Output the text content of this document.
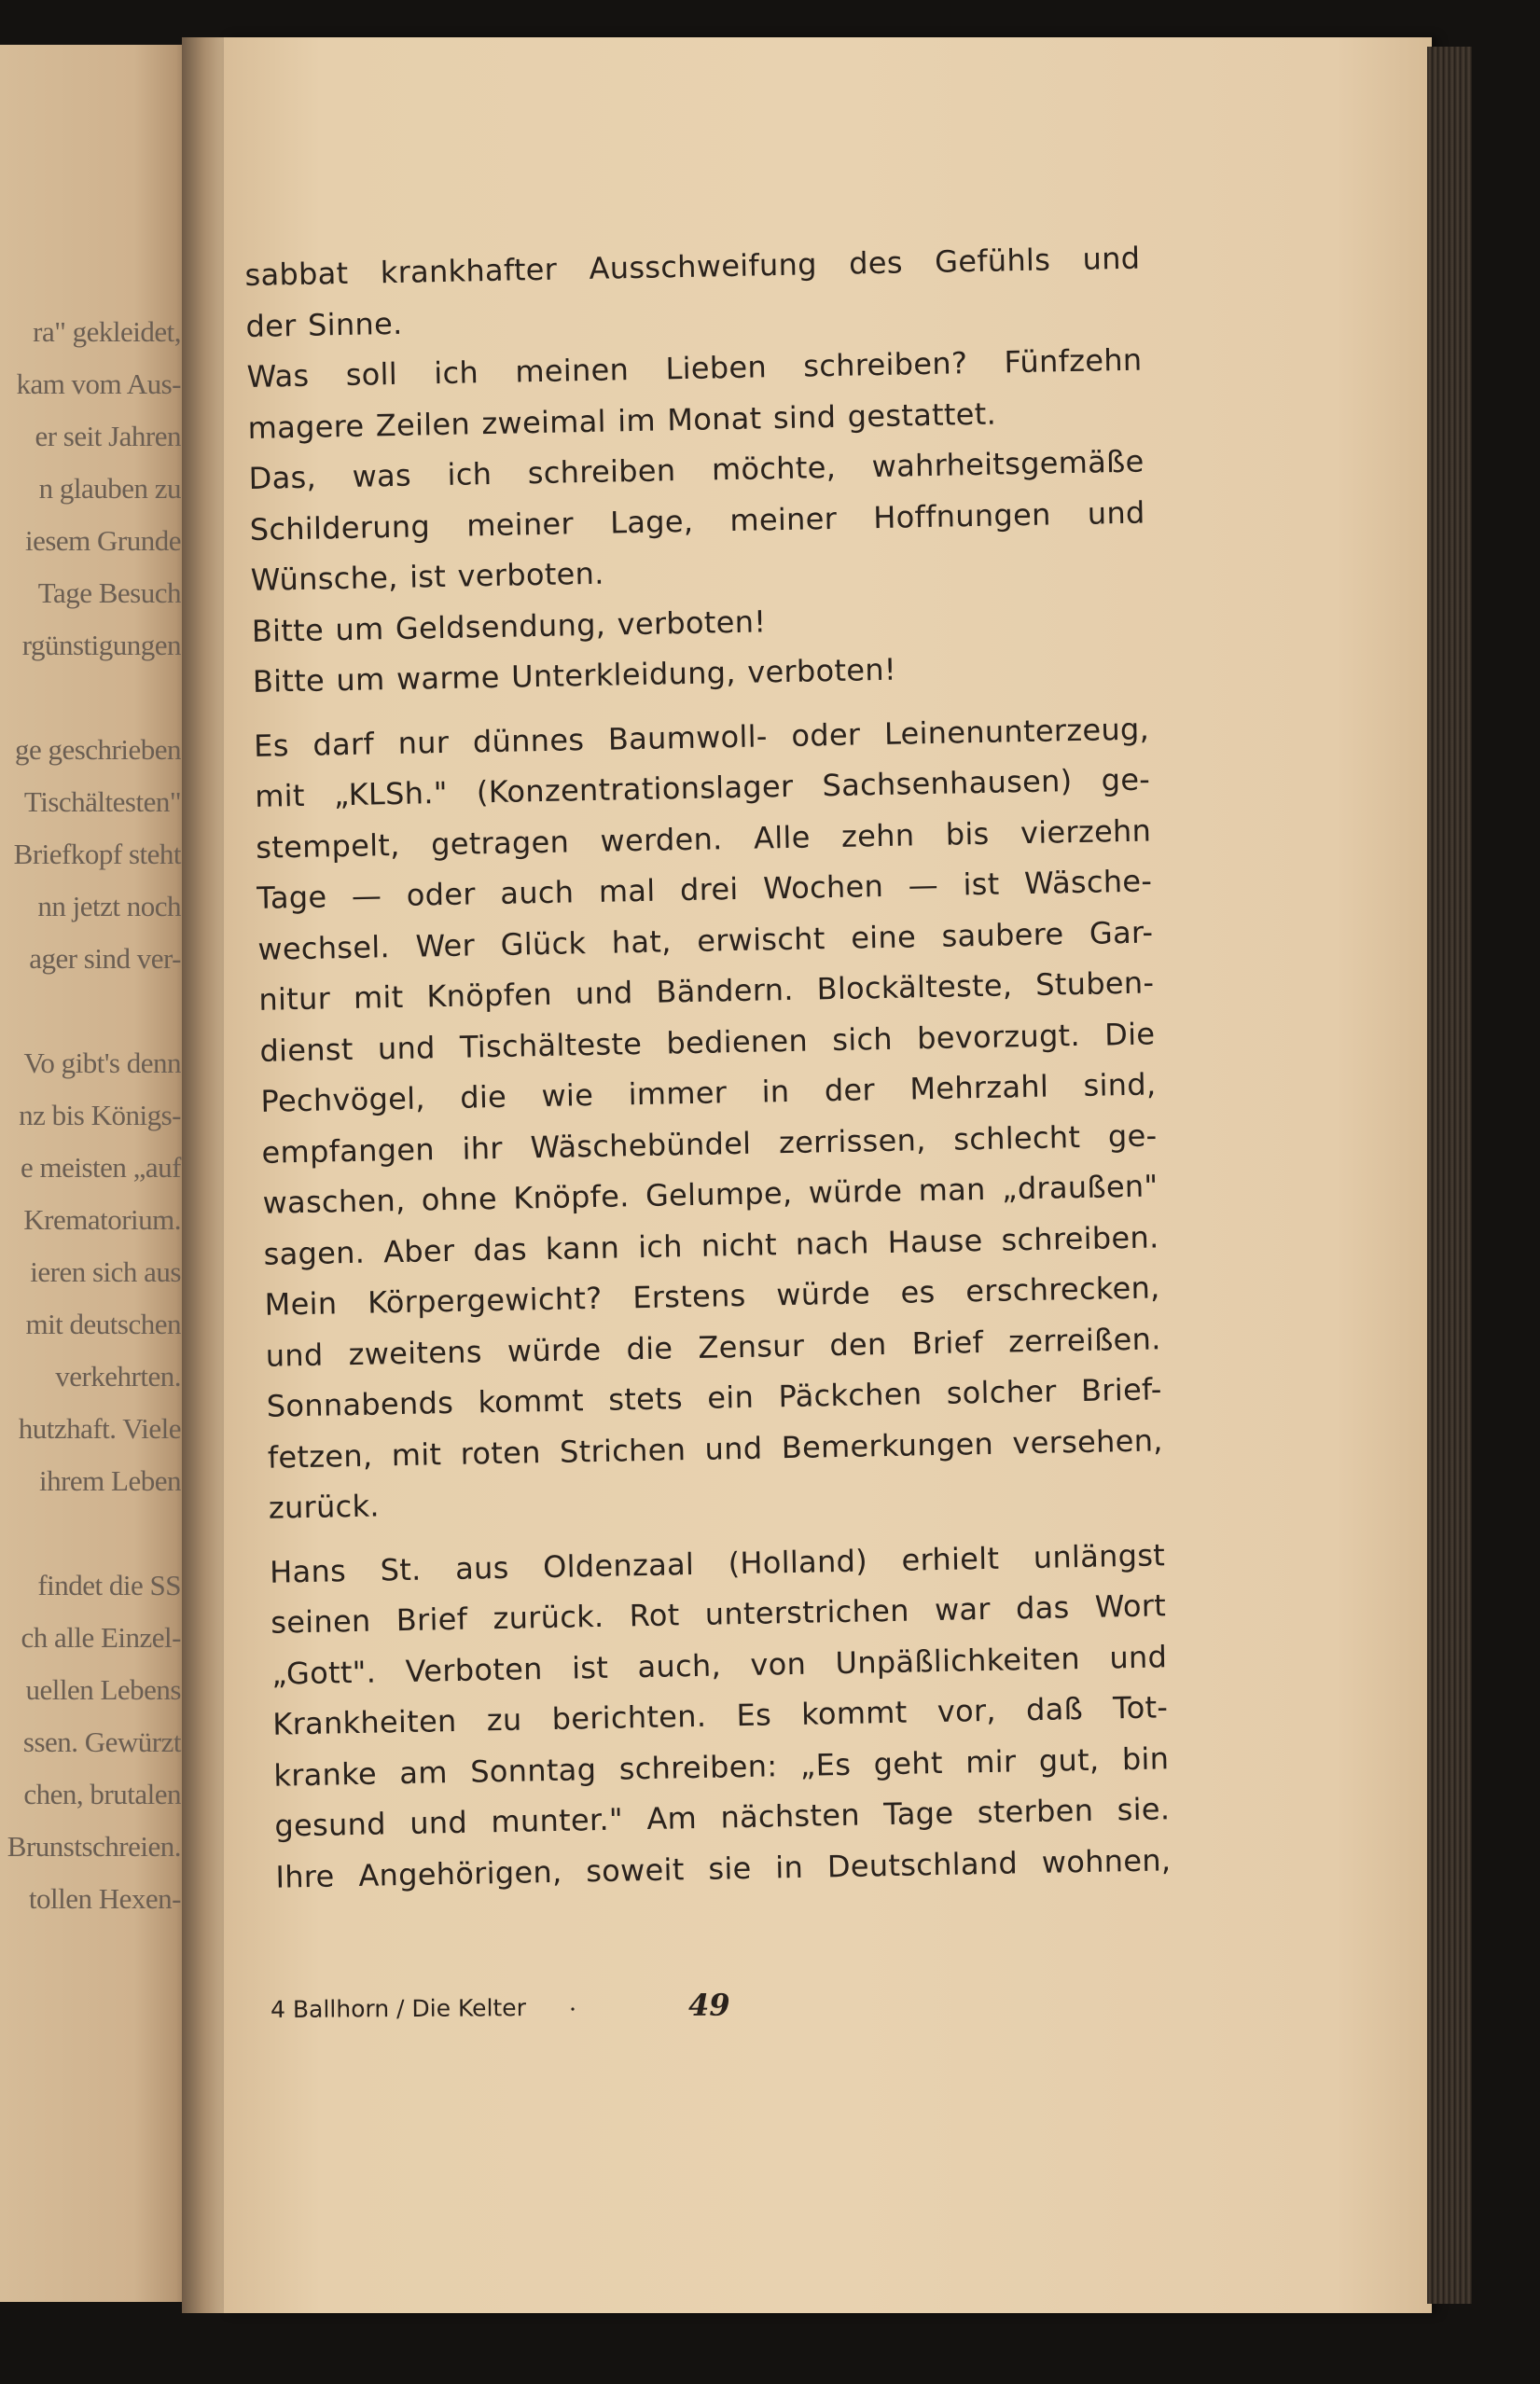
ra" gekleidet,
kam vom Aus-
er seit Jahren
n glauben zu
iesem Grunde
Tage Besuch
rgünstigungen
ge geschrieben
Tischältesten"
Briefkopf steht
nn jetzt noch
ager sind ver-
Vo gibt's denn
nz bis Königs-
e meisten „auf
Krematorium.
ieren sich aus
mit deutschen
verkehrten.
hutzhaft. Viele
ihrem Leben
findet die SS
ch alle Einzel-
uellen Lebens
ssen. Gewürzt
chen, brutalen
Brunstschreien.
tollen Hexen-
sabbat krankhafter Ausschweifung des Gefühls und
der Sinne.
Was soll ich meinen Lieben schreiben? Fünfzehn
magere Zeilen zweimal im Monat sind gestattet.
Das, was ich schreiben möchte, wahrheitsgemäße
Schilderung meiner Lage, meiner Hoffnungen und
Wünsche, ist verboten.
Bitte um Geldsendung, verboten!
Bitte um warme Unterkleidung, verboten!
Es darf nur dünnes Baumwoll- oder Leinenunterzeug,
mit „KLSh." (Konzentrationslager Sachsenhausen) ge-
stempelt, getragen werden. Alle zehn bis vierzehn
Tage — oder auch mal drei Wochen — ist Wäsche-
wechsel. Wer Glück hat, erwischt eine saubere Gar-
nitur mit Knöpfen und Bändern. Blockälteste, Stuben-
dienst und Tischälteste bedienen sich bevorzugt. Die
Pechvögel, die wie immer in der Mehrzahl sind,
empfangen ihr Wäschebündel zerrissen, schlecht ge-
waschen, ohne Knöpfe. Gelumpe, würde man „draußen"
sagen. Aber das kann ich nicht nach Hause schreiben.
Mein Körpergewicht? Erstens würde es erschrecken,
und zweitens würde die Zensur den Brief zerreißen.
Sonnabends kommt stets ein Päckchen solcher Brief-
fetzen, mit roten Strichen und Bemerkungen versehen,
zurück.
Hans St. aus Oldenzaal (Holland) erhielt unlängst
seinen Brief zurück. Rot unterstrichen war das Wort
„Gott". Verboten ist auch, von Unpäßlichkeiten und
Krankheiten zu berichten. Es kommt vor, daß Tot-
kranke am Sonntag schreiben: „Es geht mir gut, bin
gesund und munter." Am nächsten Tage sterben sie.
Ihre Angehörigen, soweit sie in Deutschland wohnen,
4 Ballhorn / Die Kelter ·	49
